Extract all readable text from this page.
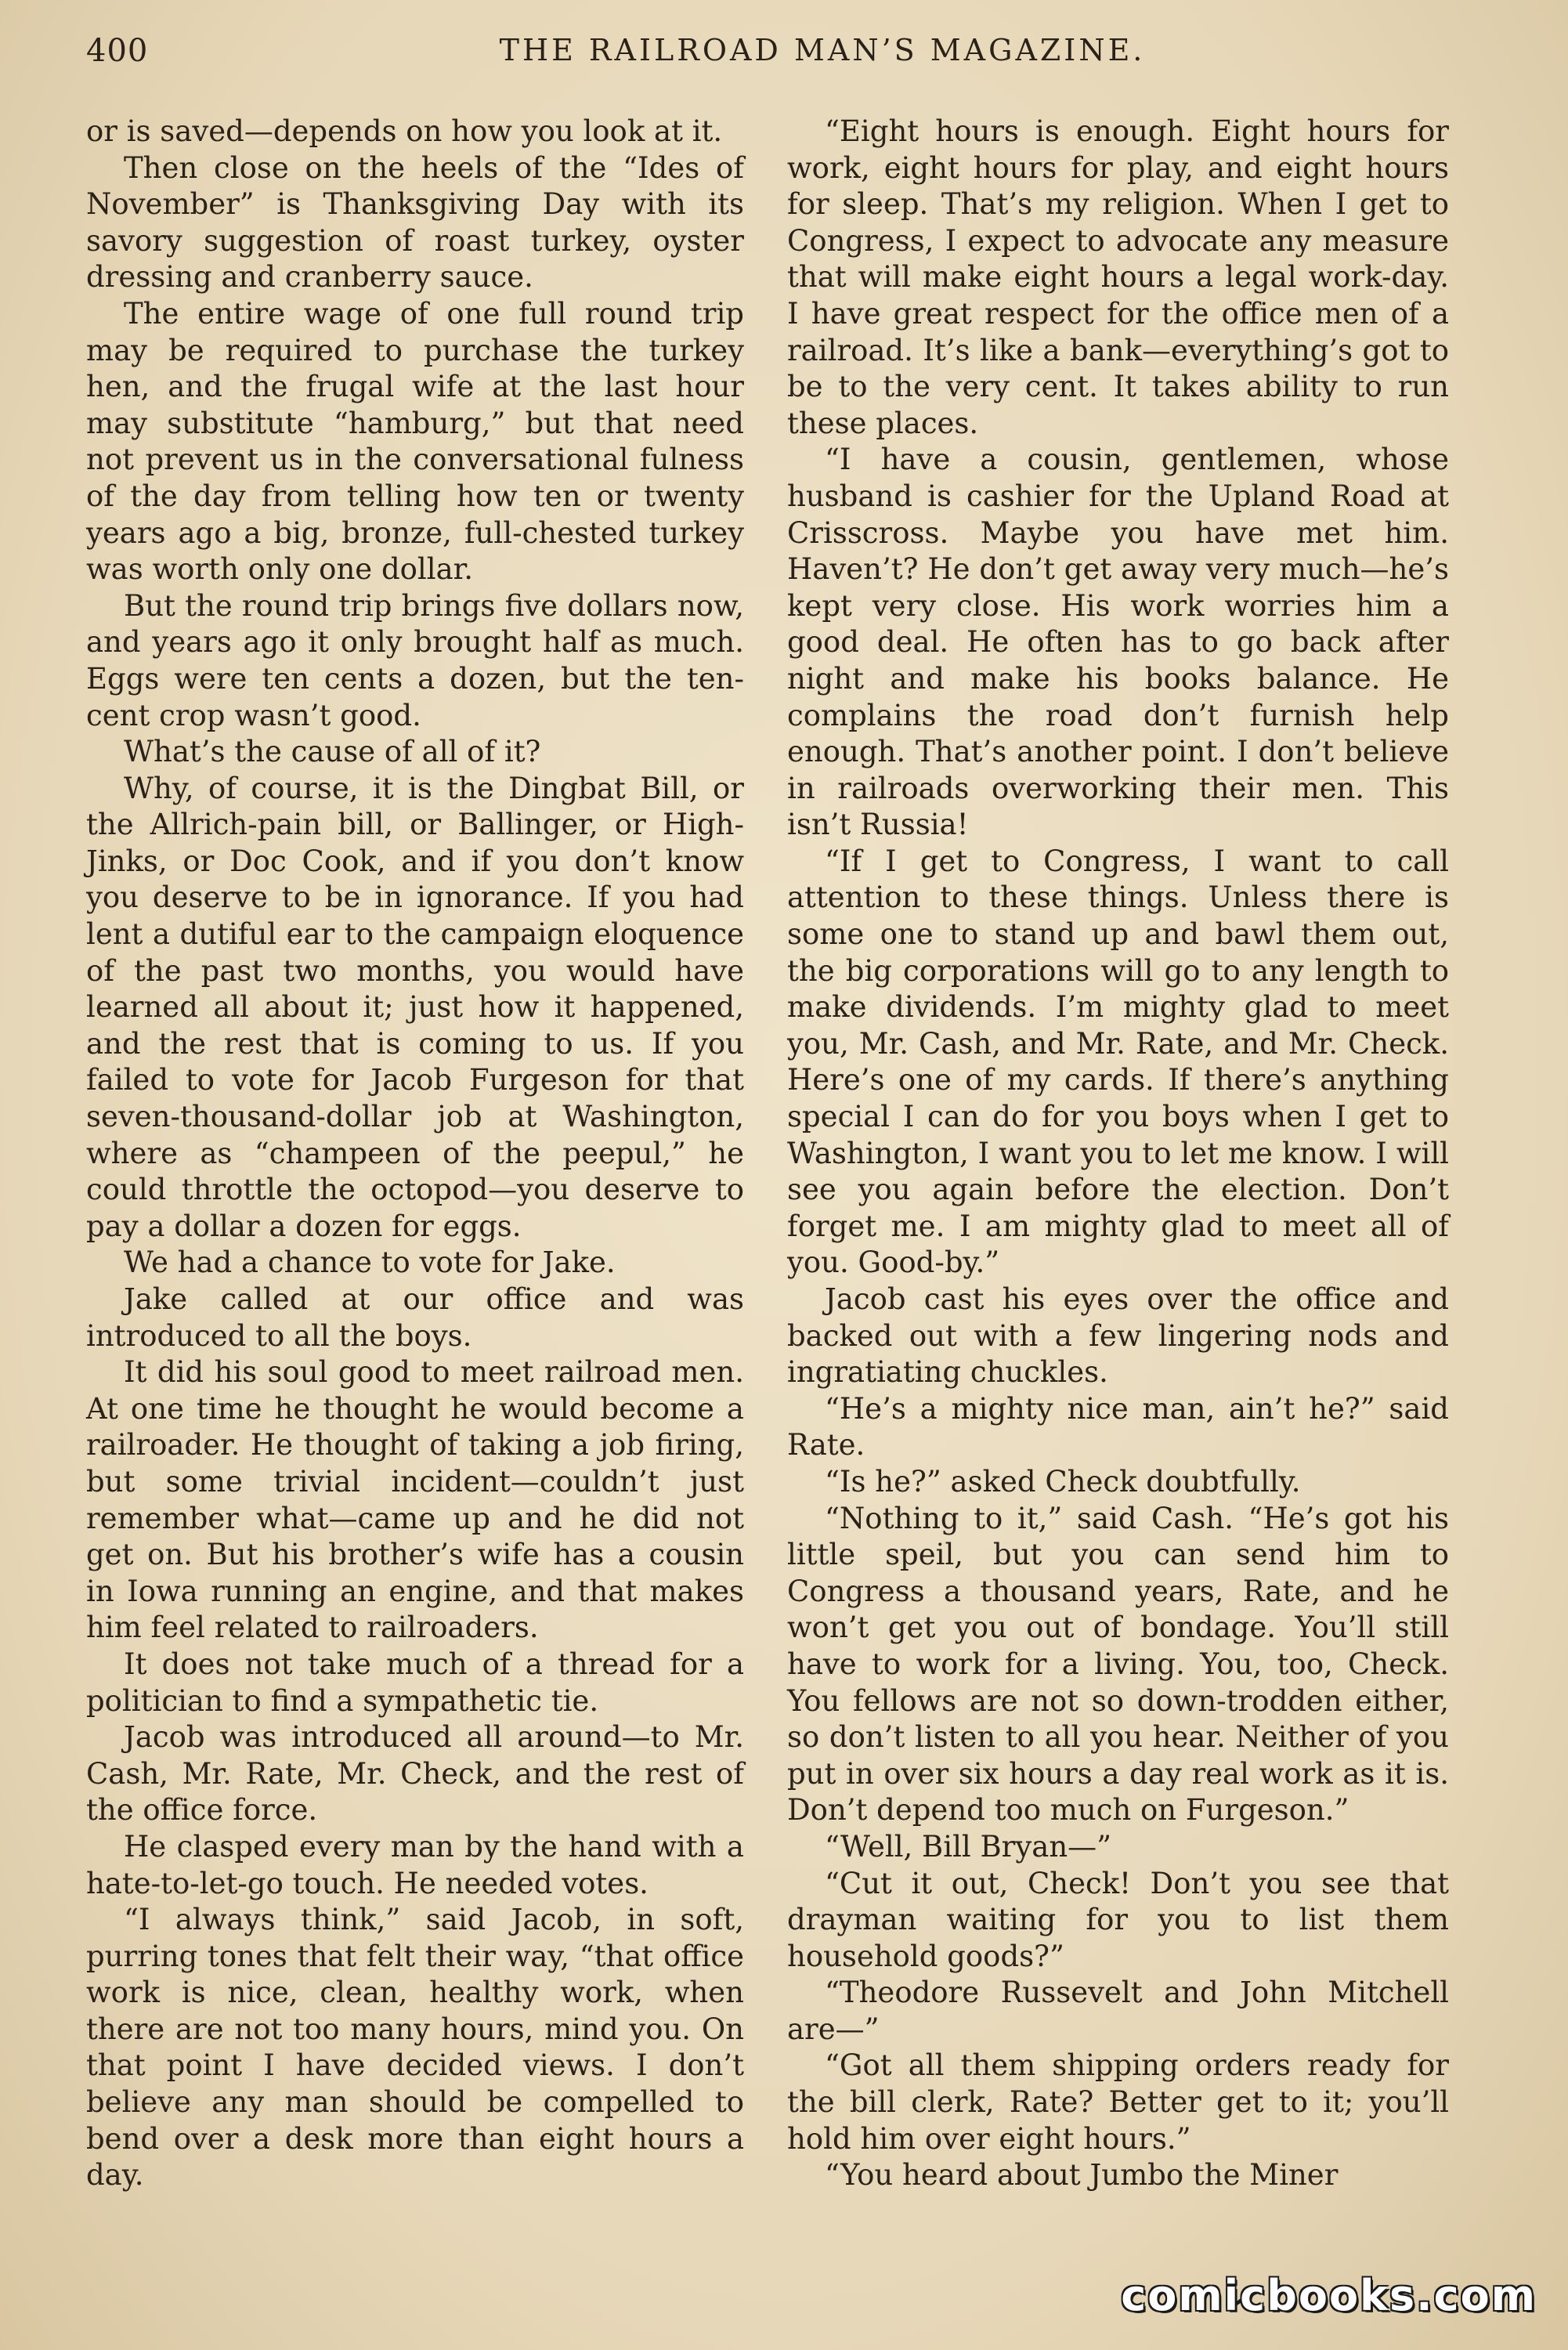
400	THE RAILROAD MAN’S MAGAZINE.

or is saved—depends on how you look at it.

Then close on the heels of the “Ides of November” is Thanksgiving Day with its savory suggestion of roast turkey, oyster dressing and cranberry sauce.

The entire wage of one full round trip may be required to purchase the turkey hen, and the frugal wife at the last hour may substitute “hamburg,” but that need not prevent us in the conversational fulness of the day from telling how ten or twenty years ago a big, bronze, full-chested turkey was worth only one dollar.

But the round trip brings five dollars now, and years ago it only brought half as much. Eggs were ten cents a dozen, but the ten-cent crop wasn’t good.

What’s the cause of all of it?

Why, of course, it is the Dingbat Bill, or the Allrich-pain bill, or Ballinger, or High-Jinks, or Doc Cook, and if you don’t know you deserve to be in ignorance. If you had lent a dutiful ear to the campaign eloquence of the past two months, you would have learned all about it; just how it happened, and the rest that is coming to us. If you failed to vote for Jacob Furgeson for that seven-thousand-dollar job at Washington, where as “champeen of the peepul,” he could throttle the octopod—you deserve to pay a dollar a dozen for eggs.

We had a chance to vote for Jake.

Jake called at our office and was introduced to all the boys.

It did his soul good to meet railroad men. At one time he thought he would become a railroader. He thought of taking a job firing, but some trivial incident—couldn’t just remember what—came up and he did not get on. But his brother’s wife has a cousin in Iowa running an engine, and that makes him feel related to railroaders.

It does not take much of a thread for a politician to find a sympathetic tie.

Jacob was introduced all around—to Mr. Cash, Mr. Rate, Mr. Check, and the rest of the office force.

He clasped every man by the hand with a hate-to-let-go touch. He needed votes.

“I always think,” said Jacob, in soft, purring tones that felt their way, “that office work is nice, clean, healthy work, when there are not too many hours, mind you. On that point I have decided views. I don’t believe any man should be compelled to bend over a desk more than eight hours a day.

“Eight hours is enough. Eight hours for work, eight hours for play, and eight hours for sleep. That’s my religion. When I get to Congress, I expect to advocate any measure that will make eight hours a legal work-day. I have great respect for the office men of a railroad. It’s like a bank—everything’s got to be to the very cent. It takes ability to run these places.

“I have a cousin, gentlemen, whose husband is cashier for the Upland Road at Crisscross. Maybe you have met him. Haven’t? He don’t get away very much—he’s kept very close. His work worries him a good deal. He often has to go back after night and make his books balance. He complains the road don’t furnish help enough. That’s another point. I don’t believe in railroads overworking their men. This isn’t Russia!

“If I get to Congress, I want to call attention to these things. Unless there is some one to stand up and bawl them out, the big corporations will go to any length to make dividends. I’m mighty glad to meet you, Mr. Cash, and Mr. Rate, and Mr. Check. Here’s one of my cards. If there’s anything special I can do for you boys when I get to Washington, I want you to let me know. I will see you again before the election. Don’t forget me. I am mighty glad to meet all of you. Good-by.”

Jacob cast his eyes over the office and backed out with a few lingering nods and ingratiating chuckles.

“He’s a mighty nice man, ain’t he?” said Rate.

“Is he?” asked Check doubtfully.

“Nothing to it,” said Cash. “He’s got his little speil, but you can send him to Congress a thousand years, Rate, and he won’t get you out of bondage. You’ll still have to work for a living. You, too, Check. You fellows are not so down-trodden either, so don’t listen to all you hear. Neither of you put in over six hours a day real work as it is. Don’t depend too much on Furgeson.”

“Well, Bill Bryan—”

“Cut it out, Check! Don’t you see that drayman waiting for you to list them household goods?”

“Theodore Russevelt and John Mitchell are—”

“Got all them shipping orders ready for the bill clerk, Rate? Better get to it; you’ll hold him over eight hours.”

“You heard about Jumbo the Miner

comicbooks.com
